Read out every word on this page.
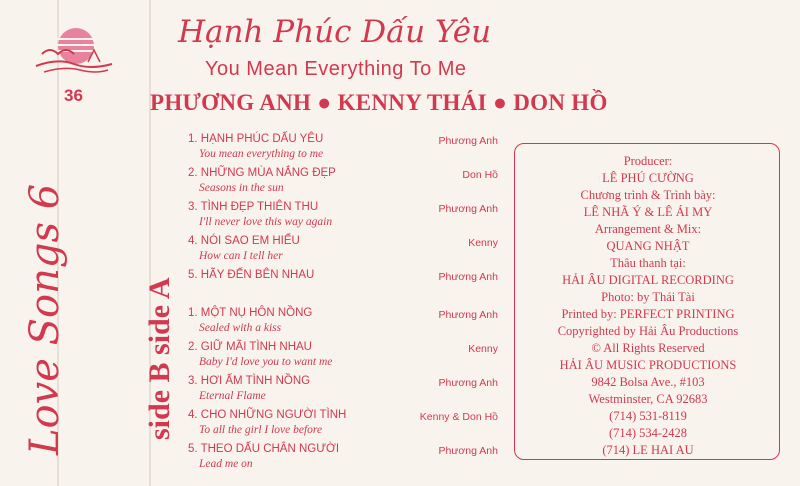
36
Love Songs 6	side B side A
Hạnh Phúc Dấu Yêu
You Mean Everything To Me
PHƯƠNG ANH ● KENNY THÁI ● DON HỒ
1. HẠNH PHÚC DẤU YÊU
You mean everything to me
Phương Anh
2. NHỮNG MÙA NẮNG ĐẸP
Seasons in the sun
Don Hồ
3. TÌNH ĐẸP THIÊN THU
I'll never love this way again
Phương Anh
4. NÓI SAO EM HIỂU
How can I tell her
Kenny
5. HÃY ĐẾN BÊN NHAU	Phương Anh
1. MỘT NỤ HÔN NỒNG
Sealed with a kiss
Phương Anh
2. GIỮ MÃI TÌNH NHAU
Baby I'd love you to want me
Kenny
3. HƠI ẤM TÌNH NỒNG
Eternal Flame
Phương Anh
4. CHO NHỮNG NGƯỜI TÌNH
To all the girl I love before
Kenny & Don Hồ
5. THEO DẤU CHÂN NGƯỜI
Lead me on
Phương Anh
Producer:
LÊ PHÚ CƯỜNG
Chương trình & Trình bày:
LÊ NHÃ Ý & LÊ ÁI MY
Arrangement & Mix:
QUANG NHẬT
Thâu thanh tại:
HẢI ÂU DIGITAL RECORDING
Photo: by Thái Tài
Printed by: PERFECT PRINTING
Copyrighted by Hải Âu Productions
© All Rights Reserved
HẢI ÂU MUSIC PRODUCTIONS
9842 Bolsa Ave., #103
Westminster, CA 92683
(714) 531-8119
(714) 534-2428
(714) LE HAI AU
